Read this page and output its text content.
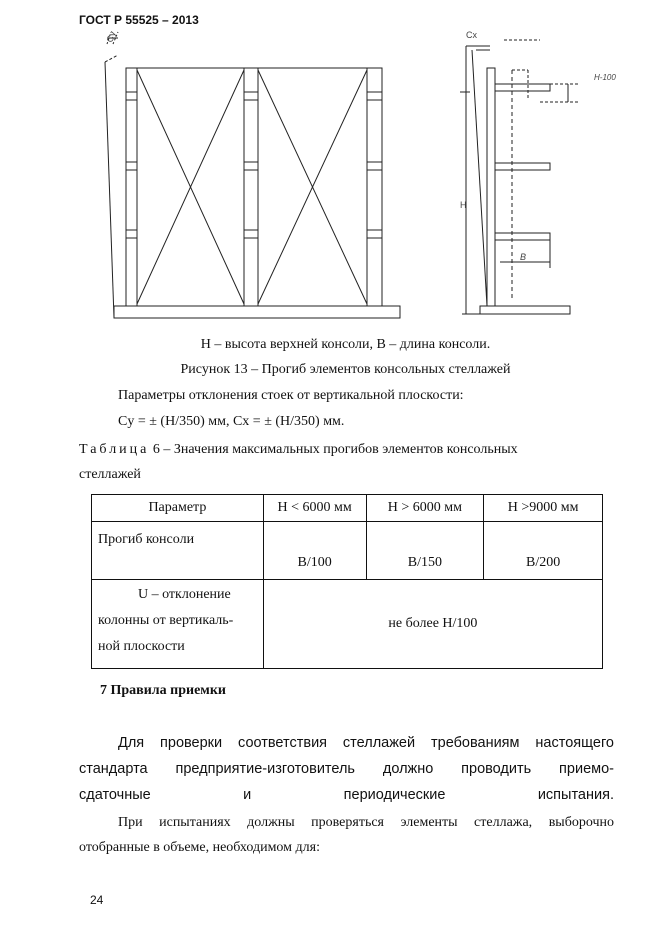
ГОСТ Р 55525 – 2013
Cy	Cx
H
H-100
B
H – высота верхней консоли, B – длина консоли.
Рисунок 13 – Прогиб элементов консольных стеллажей
Параметры отклонения стоек от вертикальной плоскости:
Cy = ± (H/350) мм, Cx = ± (H/350) мм.
Таблица 6 – Значения максимальных прогибов элементов консольных
стеллажей
Параметр	H < 6000 мм	H > 6000 мм	H >9000 мм
Прогиб консоли	B/100	B/150	B/200

U – отклонение
колонны от вертикаль-
ной плоскости	не более H/100		
7 Правила приемки
Для проверки соответствия стеллажей требованиям настоящего
стандарта предприятие-изготовитель должно проводить приемо-
сдаточные и периодические испытания.
При испытаниях должны проверяться элементы стеллажа, выборочно
отобранные в объеме, необходимом для:
24
